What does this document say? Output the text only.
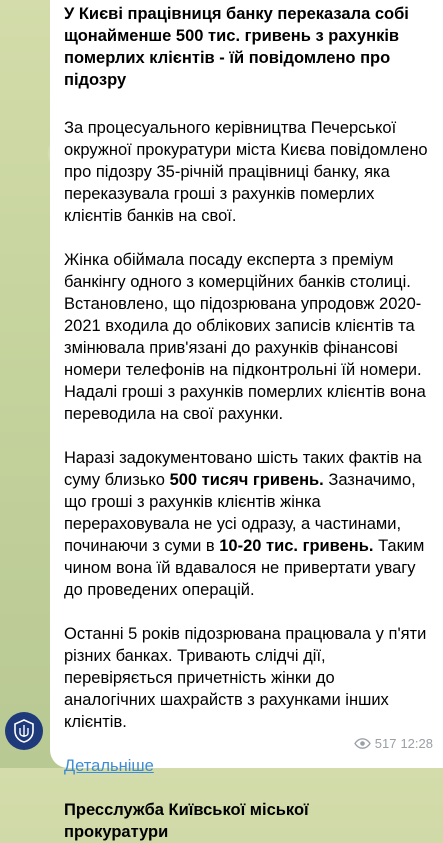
У Києві працівниця банку переказала собі щонайменше 500 тис. гривень з рахунків померлих клієнтів - їй повідомлено про підозру

За процесуального керівництва Печерської окружної прокуратури міста Києва повідомлено про підозру 35-річній працівниці банку, яка переказувала гроші з рахунків померлих клієнтів банків на свої.

Жінка обіймала посаду експерта з преміум банкінгу одного з комерційних банків столиці. Встановлено, що підозрювана упродовж 2020-2021 входила до облікових записів клієнтів та змінювала прив'язані до рахунків фінансові номери телефонів на підконтрольні їй номери. Надалі гроші з рахунків померлих клієнтів вона переводила на свої рахунки.

Наразі задокументовано шість таких фактів на суму близько 500 тисяч гривень. Зазначимо, що гроші з рахунків клієнтів жінка перераховувала не усі одразу, а частинами, починаючи з суми в 10-20 тис. гривень. Таким чином вона їй вдавалося не привертати увагу до проведених операцій.

Останні 5 років підозрювана працювала у п'яти різних банках. Тривають слідчі дії, перевіряється причетність жінки до аналогічних шахрайств з рахунками інших клієнтів.

Детальніше

Пресслужба Київської міської прокуратури

517 12:28
